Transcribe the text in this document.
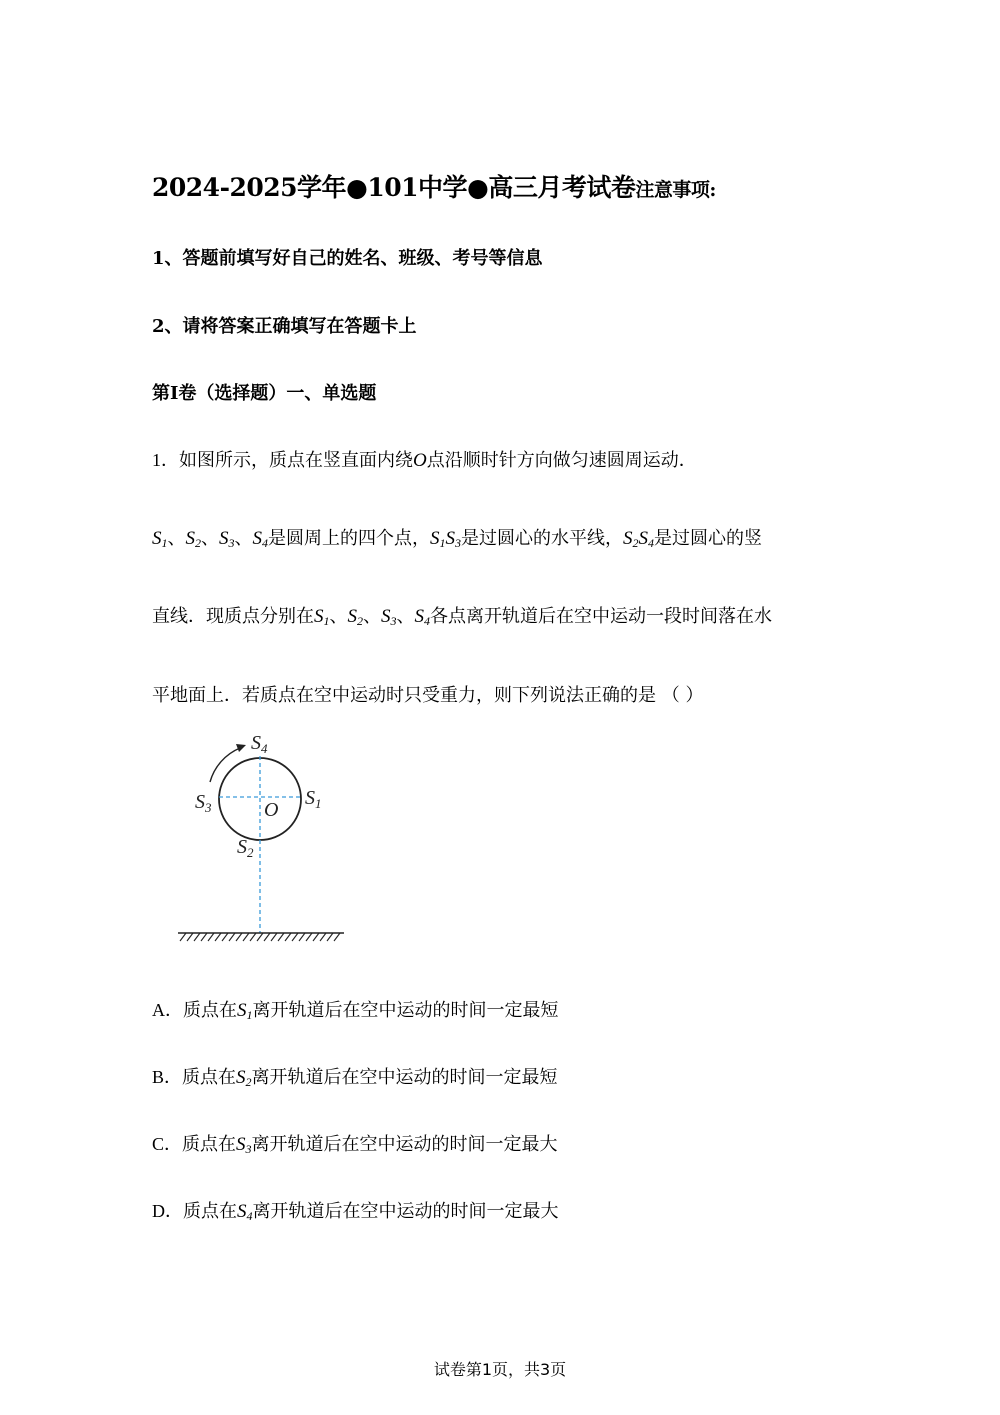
2024-2025学年●101中学●高三月考试卷注意事项:
1、答题前填写好自己的姓名、班级、考号等信息
2、请将答案正确填写在答题卡上
第I卷（选择题）一、单选题
1．如图所示，质点在竖直面内绕O点沿顺时针方向做匀速圆周运动．
$S_1$、$S_2$、$S_3$、$S_4$是圆周上的四个点，$S_1S_3$是过圆心的水平线，$S_2S_4$是过圆心的竖
直线．现质点分别在$S_1$、$S_2$、$S_3$、$S_4$各点离开轨道后在空中运动一段时间落在水
平地面上．若质点在空中运动时只受重力，则下列说法正确的是 （ ）
$S_4$
$S_1$
$S_3$	O
$S_2$
A．质点在$S_1$离开轨道后在空中运动的时间一定最短
B．质点在$S_2$离开轨道后在空中运动的时间一定最短
C．质点在$S_3$离开轨道后在空中运动的时间一定最大
D．质点在$S_4$离开轨道后在空中运动的时间一定最大
试卷第1页，共3页
